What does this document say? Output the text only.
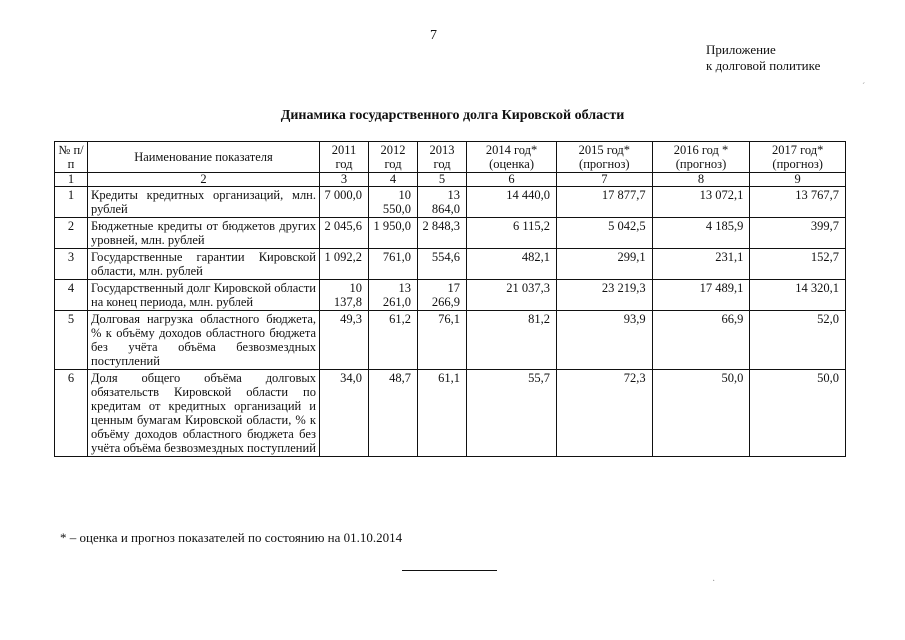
7
Приложение
к долговой политике
Динамика государственного долга Кировской области
№ п/п	Наименование показателя	2011 год	2012 год	2013 год	2014 год* (оценка)	2015 год* (прогноз)	2016 год * (прогноз)	2017 год* (прогноз)
1	2	3	4	5	6	7	8	9
1	Кредиты кредитных организаций, млн. рублей	7 000,0	10 550,0	13 864,0	14 440,0	17 877,7	13 072,1	13 767,7
2	Бюджетные кредиты от бюджетов других уровней, млн. рублей	2 045,6	1 950,0	2 848,3	6 115,2	5 042,5	4 185,9	399,7
3	Государственные гарантии Кировской области, млн. рублей	1 092,2	761,0	554,6	482,1	299,1	231,1	152,7
4	Государственный долг Кировской области на конец периода, млн. рублей	10 137,8	13 261,0	17 266,9	21 037,3	23 219,3	17 489,1	14 320,1
5	Долговая нагрузка областного бюджета, % к объёму доходов областного бюджета без учёта объёма безвозмездных поступлений	49,3	61,2	76,1	81,2	93,9	66,9	52,0
6	Доля общего объёма долговых обязательств Кировской области по кредитам от кредитных организаций и ценным бумагам Кировской области, % к объёму доходов областного бюджета без учёта объёма безвозмездных поступлений	34,0	48,7	61,1	55,7	72,3	50,0	50,0
* – оценка и прогноз показателей по состоянию на 01.10.2014
´
·
